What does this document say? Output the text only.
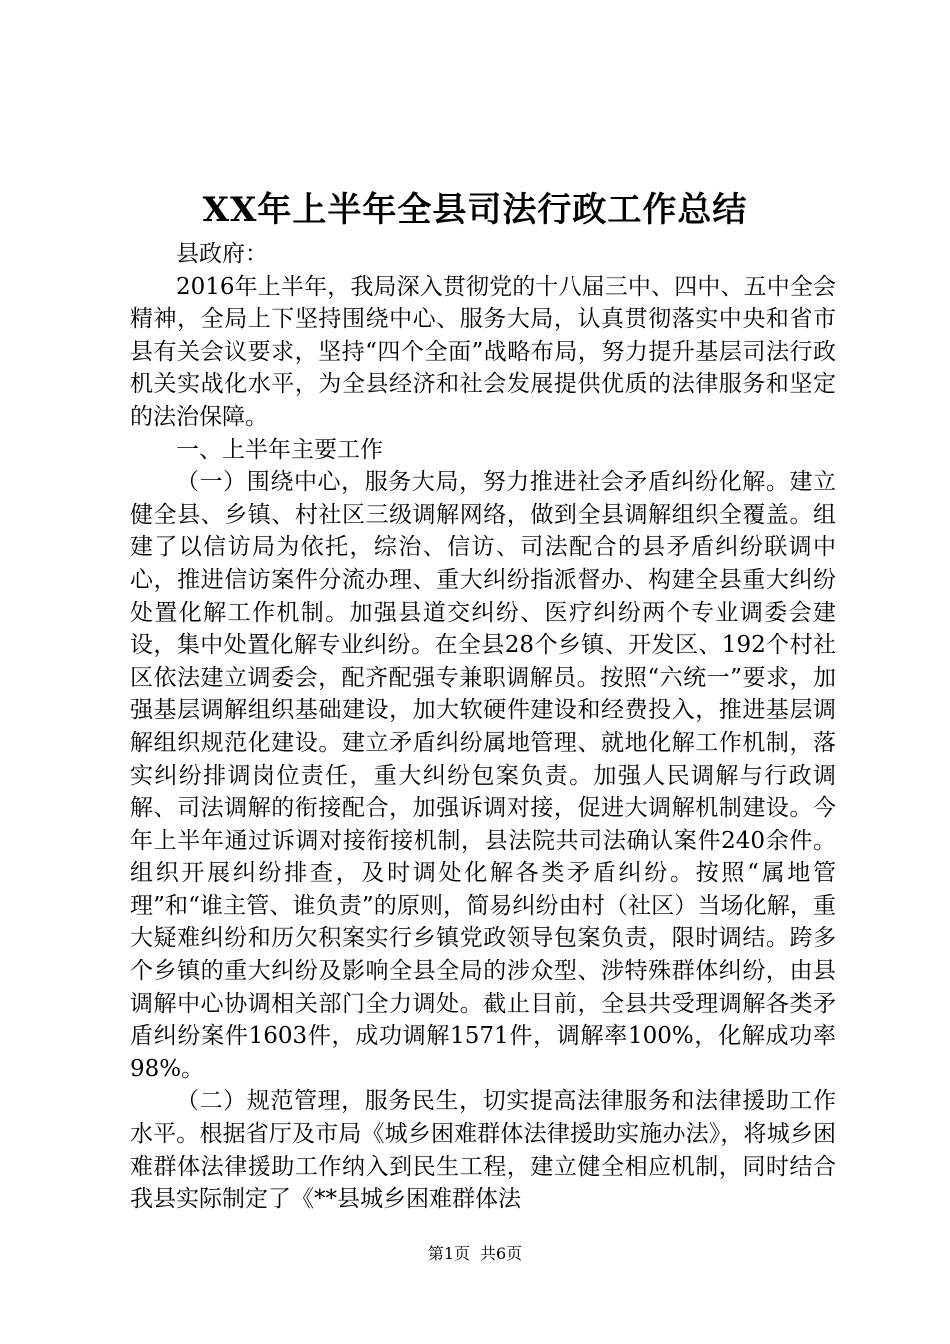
XX年上半年全县司法行政工作总结

县政府：

2016年上半年，我局深入贯彻党的十八届三中、四中、五中全会精神，全局上下坚持围绕中心、服务大局，认真贯彻落实中央和省市县有关会议要求，坚持“四个全面”战略布局，努力提升基层司法行政机关实战化水平，为全县经济和社会发展提供优质的法律服务和坚定的法治保障。

一、上半年主要工作

（一）围绕中心，服务大局，努力推进社会矛盾纠纷化解。建立健全县、乡镇、村社区三级调解网络，做到全县调解组织全覆盖。组建了以信访局为依托，综治、信访、司法配合的县矛盾纠纷联调中心，推进信访案件分流办理、重大纠纷指派督办、构建全县重大纠纷处置化解工作机制。加强县道交纠纷、医疗纠纷两个专业调委会建设，集中处置化解专业纠纷。在全县28个乡镇、开发区、192个村社区依法建立调委会，配齐配强专兼职调解员。按照“六统一”要求，加强基层调解组织基础建设，加大软硬件建设和经费投入，推进基层调解组织规范化建设。建立矛盾纠纷属地管理、就地化解工作机制，落实纠纷排调岗位责任，重大纠纷包案负责。加强人民调解与行政调解、司法调解的衔接配合，加强诉调对接，促进大调解机制建设。今年上半年通过诉调对接衔接机制，县法院共司法确认案件240余件。组织开展纠纷排查，及时调处化解各类矛盾纠纷。按照“属地管理”和“谁主管、谁负责”的原则，简易纠纷由村（社区）当场化解，重大疑难纠纷和历欠积案实行乡镇党政领导包案负责，限时调结。跨多个乡镇的重大纠纷及影响全县全局的涉众型、涉特殊群体纠纷，由县调解中心协调相关部门全力调处。截止目前，全县共受理调解各类矛盾纠纷案件1603件，成功调解1571件，调解率100%，化解成功率98%。

（二）规范管理，服务民生，切实提高法律服务和法律援助工作水平。根据省厅及市局《城乡困难群体法律援助实施办法》，将城乡困难群体法律援助工作纳入到民生工程，建立健全相应机制，同时结合我县实际制定了《**县城乡困难群体法

第1页 共6页
